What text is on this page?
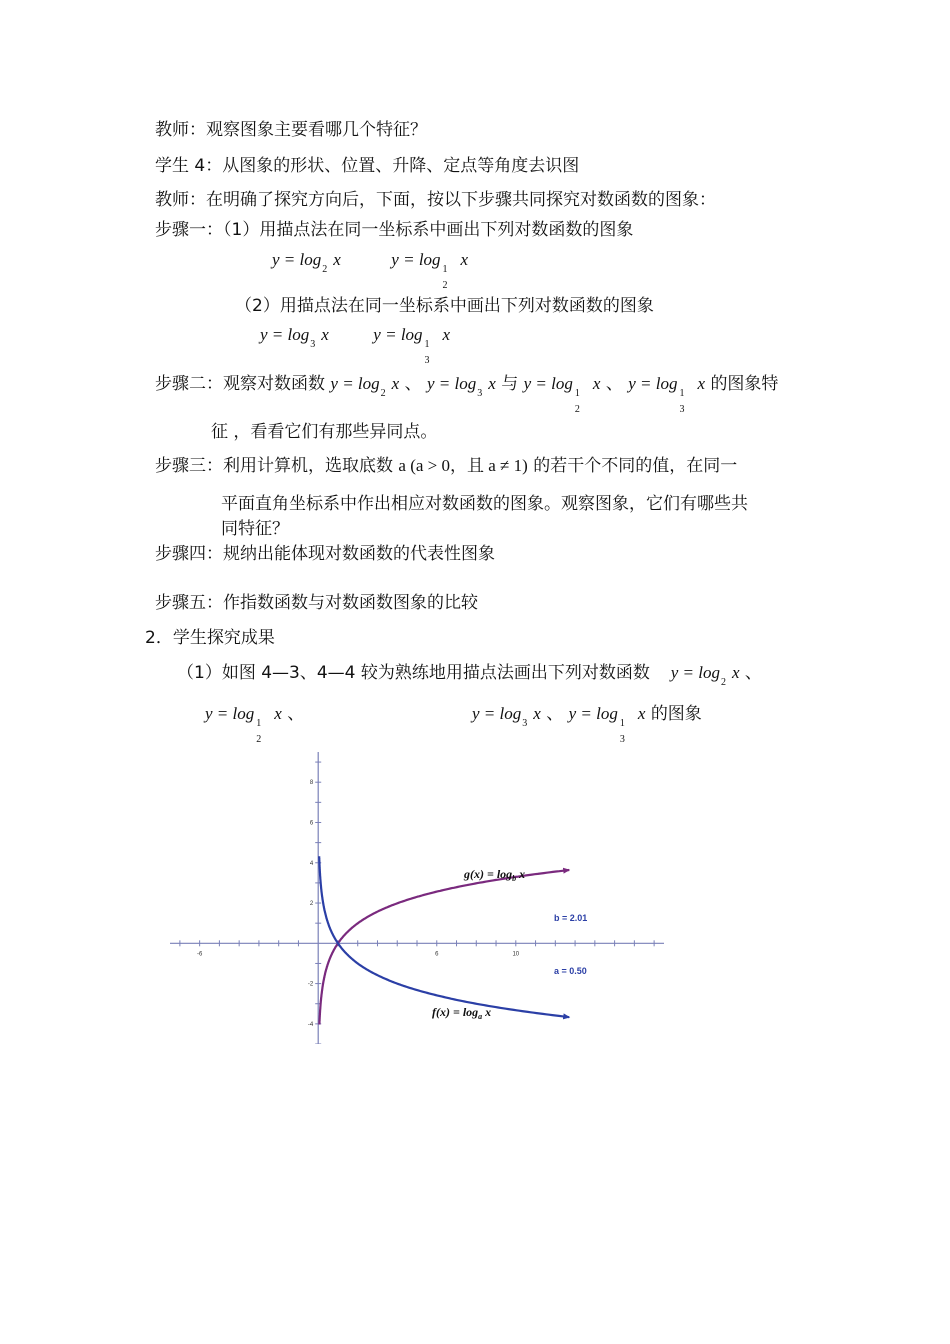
教师：观察图象主要看哪几个特征？
学生 4：从图象的形状、位置、升降、定点等角度去识图
教师：在明确了探究方向后，下面，按以下步骤共同探究对数函数的图象：
步骤一：（1）用描点法在同一坐标系中画出下列对数函数的图象
$y = \log_2x$	y = log
1
2
x
（2）用描点法在同一坐标系中画出下列对数函数的图象
$y = \log_3x$	y = log
1
3
x
步骤二：观察对数函数 $y = \log_2x$ 、 $y = \log_3x$ 与 y = log
1
2
x 、 y = log
1
3
x 的图象特
征 ，看看它们有那些异同点。
步骤三：利用计算机，选取底数 a (a > 0，且 a ≠ 1) 的若干个不同的值，在同一
平面直角坐标系中作出相应对数函数的图象。观察图象，它们有哪些共
同特征？
步骤四：规纳出能体现对数函数的代表性图象
步骤五：作指数函数与对数函数图象的比较
2．学生探究成果
（1）如图 4—3、4—4 较为熟练地用描点法画出下列对数函数 $y = \log_2x$ 、
y = log
1
2
x 、	$y = \log_3x$ 、 y = log
1
3
x 的图象
-6	6	10
8
6
4
2
-2
-4
$g(x) = \log_b x$
$f(x) = \log_a x$
b = 2.01
a = 0.50
